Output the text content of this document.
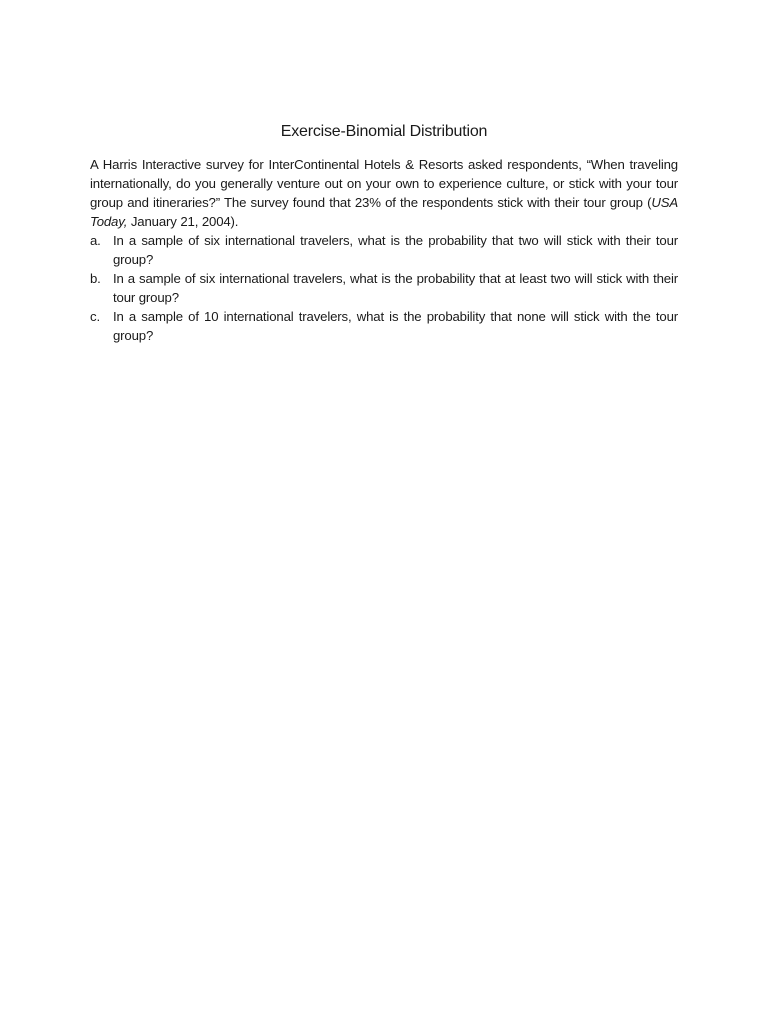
Exercise-Binomial Distribution

A Harris Interactive survey for InterContinental Hotels & Resorts asked respondents, “When traveling internationally, do you generally venture out on your own to experience culture, or stick with your tour group and itineraries?” The survey found that 23% of the respondents stick with their tour group (USA Today, January 21, 2004).

a. In a sample of six international travelers, what is the probability that two will stick with their tour group?
b. In a sample of six international travelers, what is the probability that at least two will stick with their tour group?
c. In a sample of 10 international travelers, what is the probability that none will stick with the tour group?
